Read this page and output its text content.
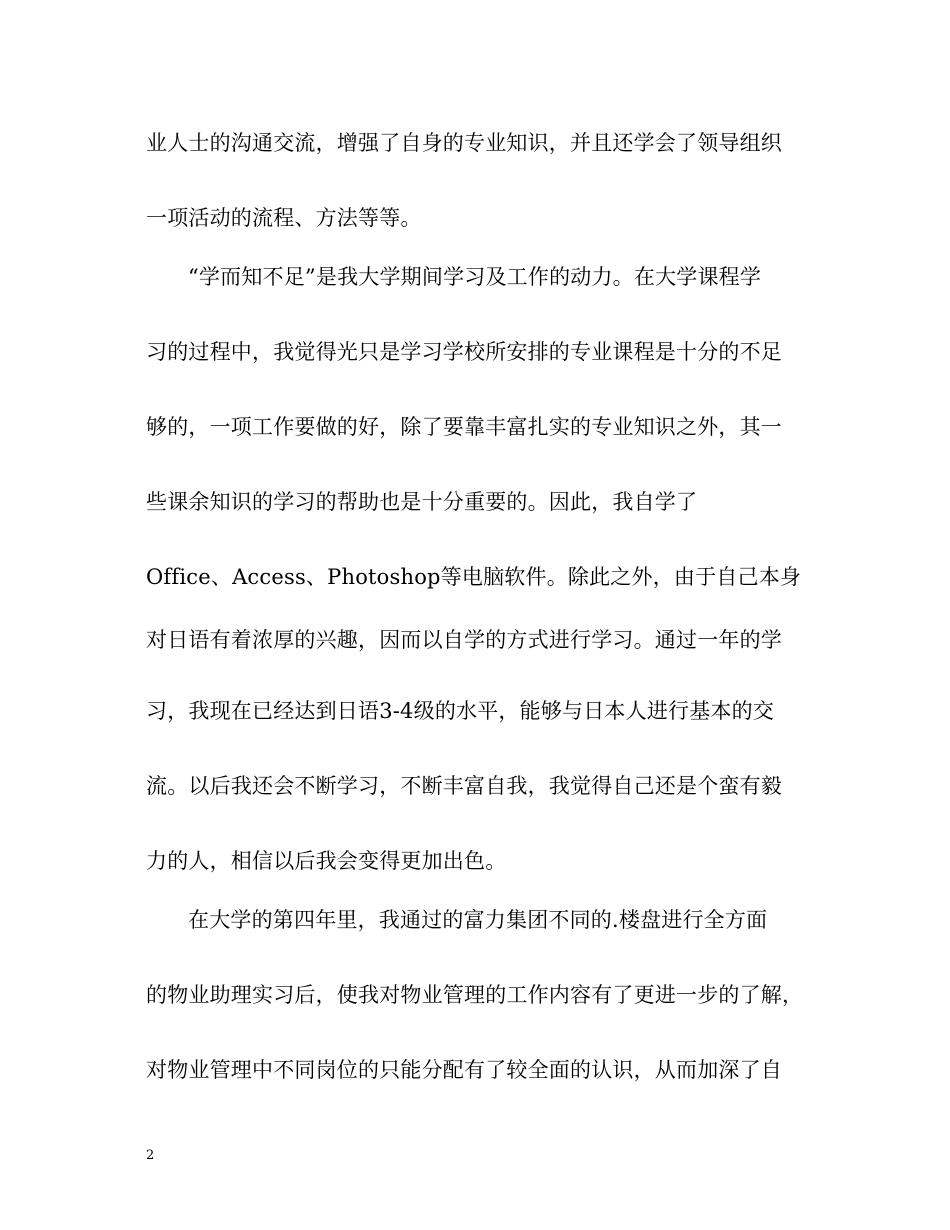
业人士的沟通交流，增强了自身的专业知识，并且还学会了领导组织
一项活动的流程、方法等等。
“学而知不足”是我大学期间学习及工作的动力。在大学课程学
习的过程中，我觉得光只是学习学校所安排的专业课程是十分的不足
够的，一项工作要做的好，除了要靠丰富扎实的专业知识之外，其一
些课余知识的学习的帮助也是十分重要的。因此，我自学了
Office、Access、Photoshop等电脑软件。除此之外，由于自己本身
对日语有着浓厚的兴趣，因而以自学的方式进行学习。通过一年的学
习，我现在已经达到日语3-4级的水平，能够与日本人进行基本的交
流。以后我还会不断学习，不断丰富自我，我觉得自己还是个蛮有毅
力的人，相信以后我会变得更加出色。
在大学的第四年里，我通过的富力集团不同的.楼盘进行全方面
的物业助理实习后，使我对物业管理的工作内容有了更进一步的了解，
对物业管理中不同岗位的只能分配有了较全面的认识，从而加深了自
2
